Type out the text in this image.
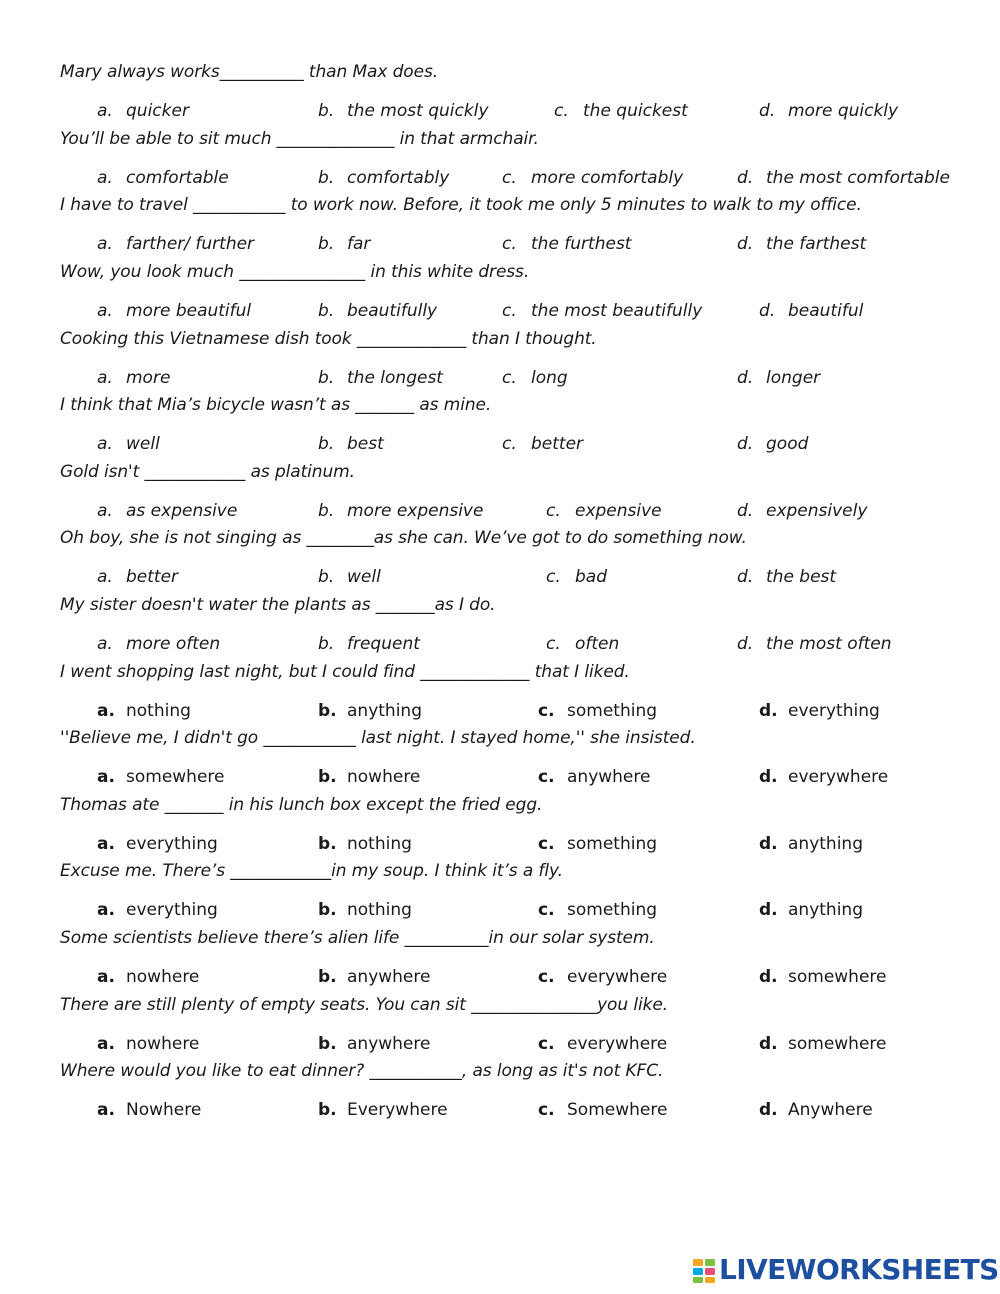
Mary always works__________ than Max does.
a. quicker	b. the most quickly	c. the quickest	d. more quickly
You’ll be able to sit much ______________ in that armchair.
a. comfortable	b. comfortably	c. more comfortably	d. the most comfortable
I have to travel ___________ to work now. Before, it took me only 5 minutes to walk to my office.
a. farther/ further	b. far	c. the furthest	d. the farthest
Wow, you look much _______________ in this white dress.
a. more beautiful	b. beautifully	c. the most beautifully	d. beautiful
Cooking this Vietnamese dish took _____________ than I thought.
a. more	b. the longest	c. long	d. longer
I think that Mia’s bicycle wasn’t as _______ as mine.
a. well	b. best	c. better	d. good
Gold isn't ____________ as platinum.
a. as expensive	b. more expensive	c. expensive	d. expensively
Oh boy, she is not singing as ________as she can. We’ve got to do something now.
a. better	b. well	c. bad	d. the best
My sister doesn't water the plants as _______as I do.
a. more often	b. frequent	c. often	d. the most often
I went shopping last night, but I could find _____________ that I liked.
a. nothing	b. anything	c. something	d. everything
''Believe me, I didn't go ___________ last night. I stayed home,'' she insisted.
a. somewhere	b. nowhere	c. anywhere	d. everywhere
Thomas ate _______ in his lunch box except the fried egg.
a. everything	b. nothing	c. something	d. anything
Excuse me. There’s ____________in my soup. I think it’s a fly.
a. everything	b. nothing	c. something	d. anything
Some scientists believe there’s alien life __________in our solar system.
a. nowhere	b. anywhere	c. everywhere	d. somewhere
There are still plenty of empty seats. You can sit _______________you like.
a. nowhere	b. anywhere	c. everywhere	d. somewhere
Where would you like to eat dinner? ___________, as long as it's not KFC.
a. Nowhere	b. Everywhere	c. Somewhere	d. Anywhere
LIVEWORKSHEETS
